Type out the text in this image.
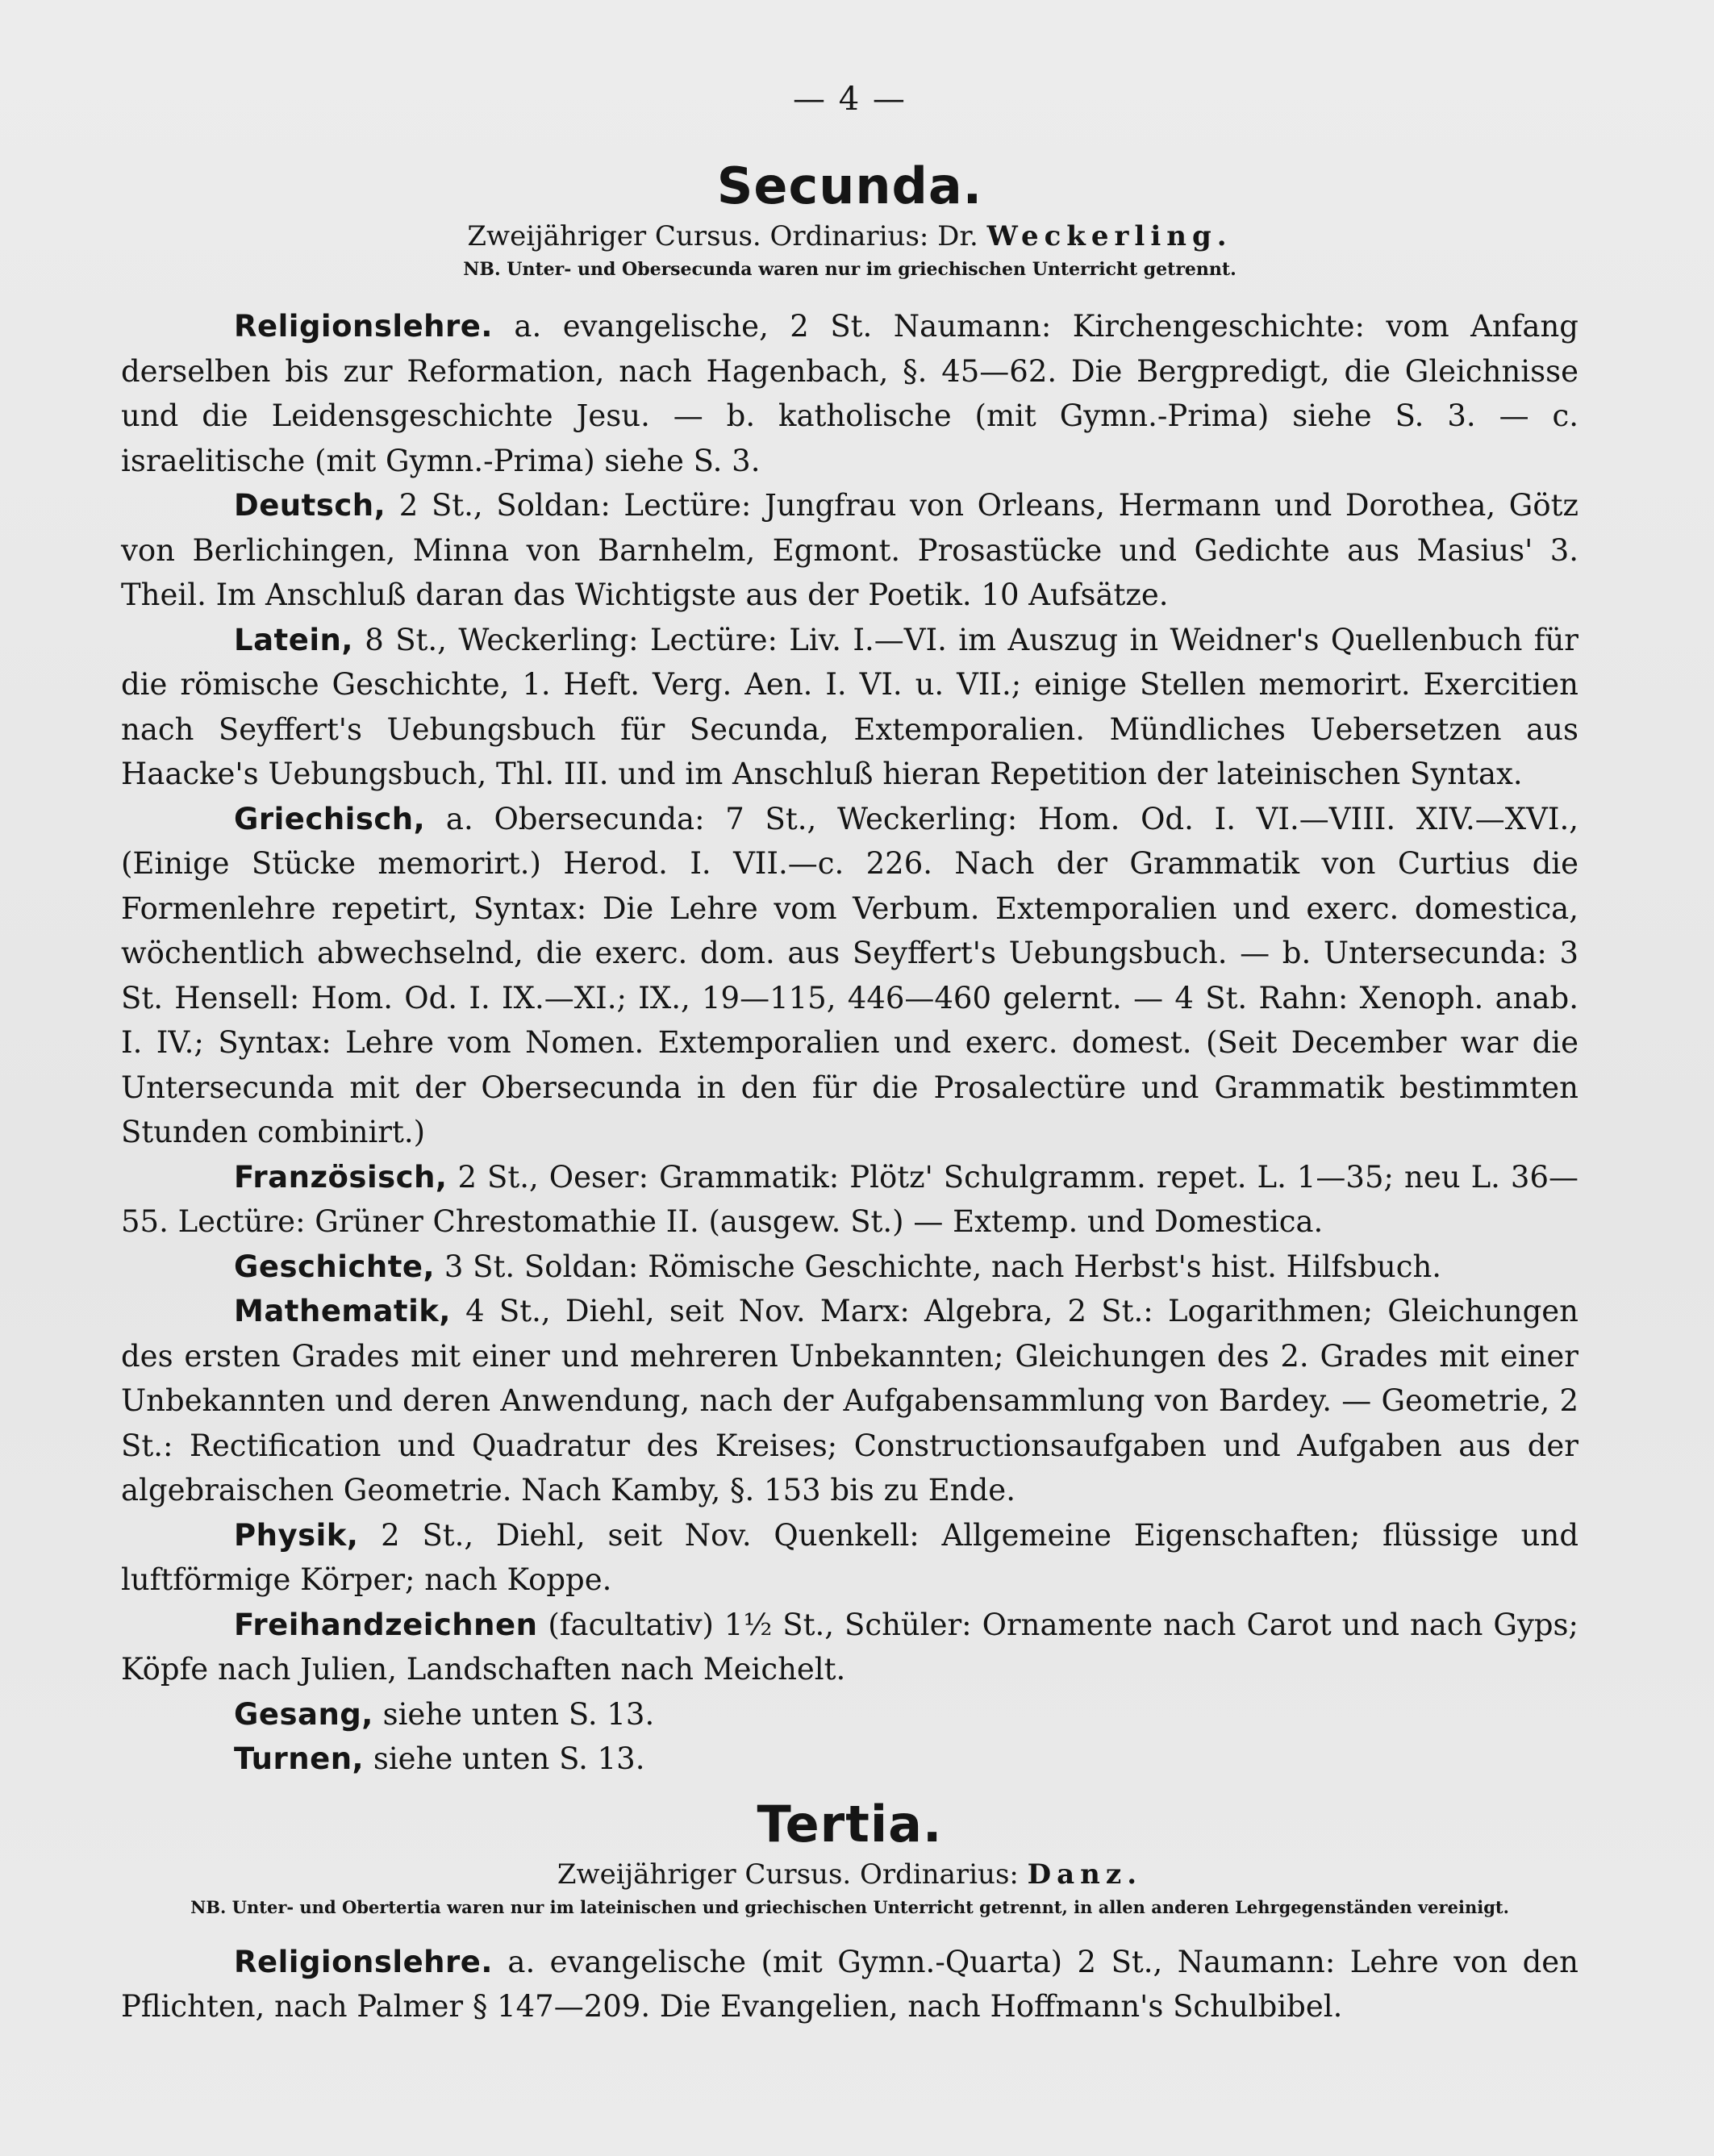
— 4 —
Secunda.
Zweijähriger Cursus. Ordinarius: Dr. Weckerling.
NB. Unter- und Obersecunda waren nur im griechischen Unterricht getrennt.

Religionslehre. a. evangelische, 2 St. Naumann: Kirchengeschichte: vom Anfang derselben bis zur Reformation, nach Hagenbach, §. 45—62. Die Bergpredigt, die Gleichnisse und die Leidensgeschichte Jesu. — b. katholische (mit Gymn.-Prima) siehe S. 3. — c. israelitische (mit Gymn.-Prima) siehe S. 3.

Deutsch, 2 St., Soldan: Lectüre: Jungfrau von Orleans, Hermann und Dorothea, Götz von Berlichingen, Minna von Barnhelm, Egmont. Prosastücke und Gedichte aus Masius' 3. Theil. Im Anschluß daran das Wichtigste aus der Poetik. 10 Aufsätze.

Latein, 8 St., Weckerling: Lectüre: Liv. I.—VI. im Auszug in Weidner's Quellenbuch für die römische Geschichte, 1. Heft. Verg. Aen. I. VI. u. VII.; einige Stellen memorirt. Exercitien nach Seyffert's Uebungsbuch für Secunda, Extemporalien. Mündliches Uebersetzen aus Haacke's Uebungsbuch, Thl. III. und im Anschluß hieran Repetition der lateinischen Syntax.

Griechisch, a. Obersecunda: 7 St., Weckerling: Hom. Od. I. VI.—VIII. XIV.—XVI., (Einige Stücke memorirt.) Herod. I. VII.—c. 226. Nach der Grammatik von Curtius die Formenlehre repetirt, Syntax: Die Lehre vom Verbum. Extemporalien und exerc. domestica, wöchentlich abwechselnd, die exerc. dom. aus Seyffert's Uebungsbuch. — b. Untersecunda: 3 St. Hensell: Hom. Od. I. IX.—XI.; IX., 19—115, 446—460 gelernt. — 4 St. Rahn: Xenoph. anab. I. IV.; Syntax: Lehre vom Nomen. Extemporalien und exerc. domest. (Seit December war die Untersecunda mit der Obersecunda in den für die Prosalectüre und Grammatik bestimmten Stunden combinirt.)

Französisch, 2 St., Oeser: Grammatik: Plötz' Schulgramm. repet. L. 1—35; neu L. 36—55. Lectüre: Grüner Chrestomathie II. (ausgew. St.) — Extemp. und Domestica.

Geschichte, 3 St. Soldan: Römische Geschichte, nach Herbst's hist. Hilfsbuch.

Mathematik, 4 St., Diehl, seit Nov. Marx: Algebra, 2 St.: Logarithmen; Gleichungen des ersten Grades mit einer und mehreren Unbekannten; Gleichungen des 2. Grades mit einer Unbekannten und deren Anwendung, nach der Aufgabensammlung von Bardey. — Geometrie, 2 St.: Rectification und Quadratur des Kreises; Constructionsaufgaben und Aufgaben aus der algebraischen Geometrie. Nach Kamby, §. 153 bis zu Ende.

Physik, 2 St., Diehl, seit Nov. Quenkell: Allgemeine Eigenschaften; flüssige und luftförmige Körper; nach Koppe.

Freihandzeichnen (facultativ) 1½ St., Schüler: Ornamente nach Carot und nach Gyps; Köpfe nach Julien, Landschaften nach Meichelt.

Gesang, siehe unten S. 13.

Turnen, siehe unten S. 13.

Tertia.
Zweijähriger Cursus. Ordinarius: Danz.
NB. Unter- und Obertertia waren nur im lateinischen und griechischen Unterricht getrennt, in allen anderen Lehrgegenständen vereinigt.

Religionslehre. a. evangelische (mit Gymn.-Quarta) 2 St., Naumann: Lehre von den Pflichten, nach Palmer § 147—209. Die Evangelien, nach Hoffmann's Schulbibel.
